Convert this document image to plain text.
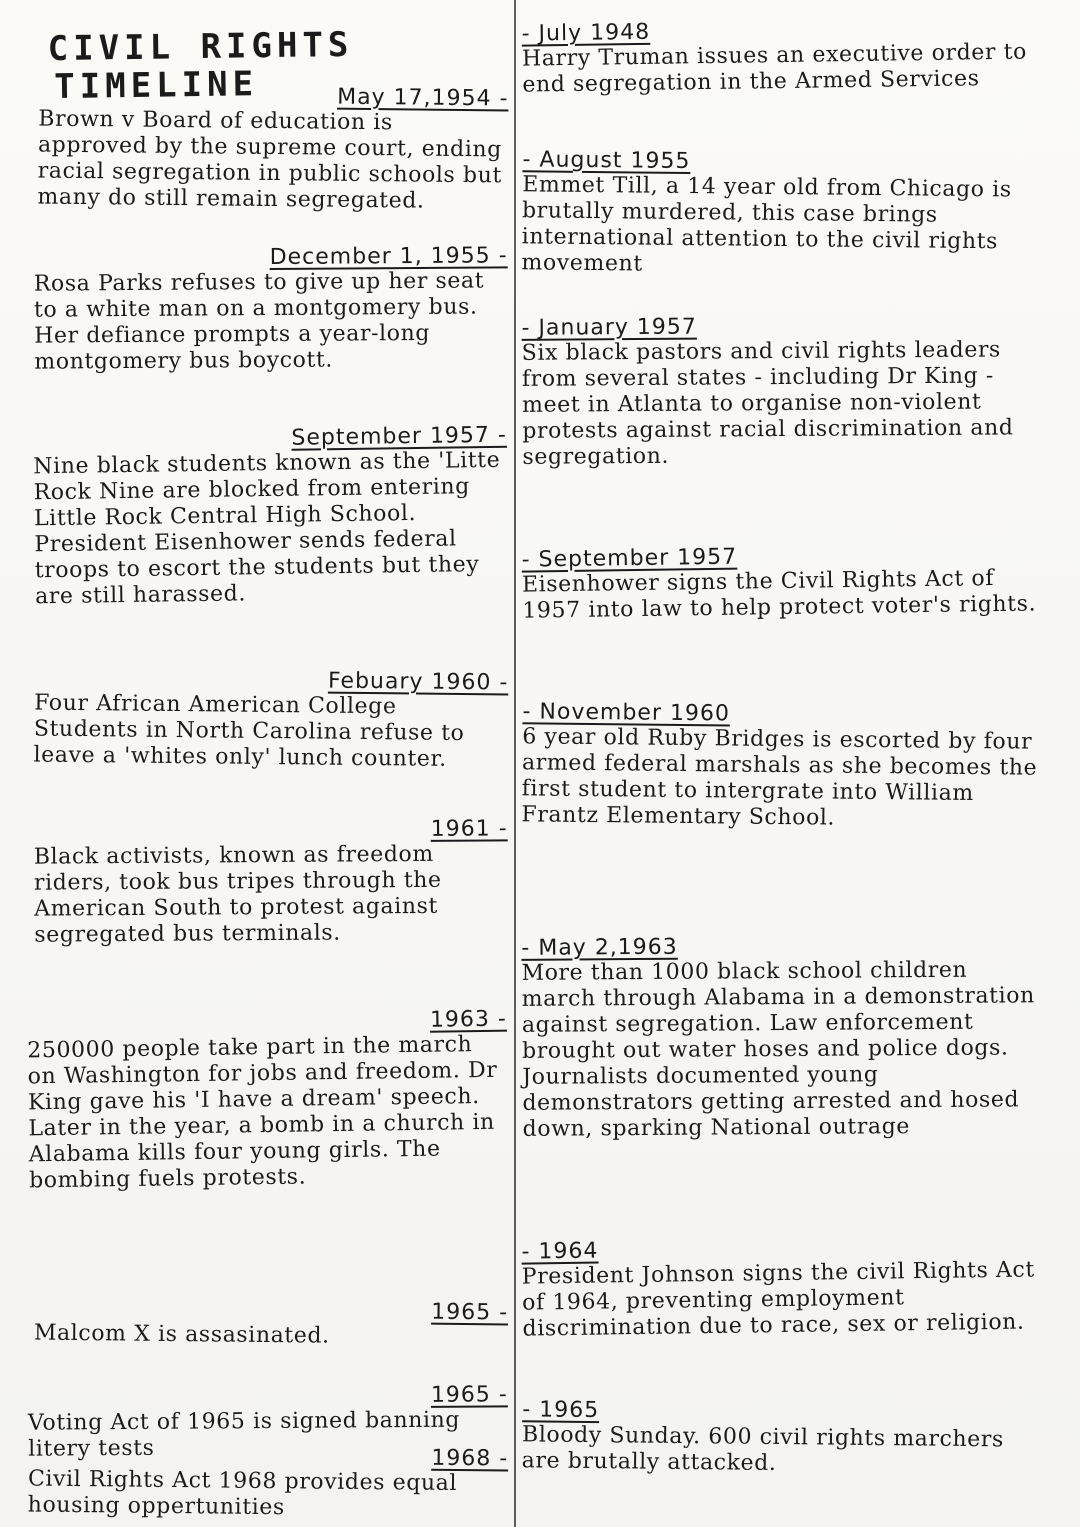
CIVIL RIGHTS
TIMELINE	May 17,1954 -
Brown v Board of education is approved by the supreme court, ending racial segregation in public schools but many do still remain segregated.
December 1, 1955 -
Rosa Parks refuses to give up her seat to a white man on a montgomery bus. Her defiance prompts a year-long montgomery bus boycott.
September 1957 -
Nine black students known as the 'Litte Rock Nine are blocked from entering Little Rock Central High School. President Eisenhower sends federal troops to escort the students but they are still harassed.
Febuary 1960 -
Four African American College Students in North Carolina refuse to leave a 'whites only' lunch counter.
1961 -
Black activists, known as freedom riders, took bus tripes through the American South to protest against segregated bus terminals.
1963 -
250000 people take part in the march on Washington for jobs and freedom. Dr King gave his 'I have a dream' speech. Later in the year, a bomb in a church in Alabama kills four young girls. The bombing fuels protests.
1965 -
Malcom X is assasinated.
1965 -
Voting Act of 1965 is signed banning litery tests	1968 -
Civil Rights Act 1968 provides equal housing oppertunities
- July 1948
Harry Truman issues an executive order to end segregation in the Armed Services
- August 1955
Emmet Till, a 14 year old from Chicago is brutally murdered, this case brings international attention to the civil rights movement
- January 1957
Six black pastors and civil rights leaders from several states - including Dr King - meet in Atlanta to organise non-violent protests against racial discrimination and segregation.
- September 1957
Eisenhower signs the Civil Rights Act of 1957 into law to help protect voter's rights.
- November 1960
6 year old Ruby Bridges is escorted by four armed federal marshals as she becomes the first student to intergrate into William Frantz Elementary School.
- May 2,1963
More than 1000 black school children march through Alabama in a demonstration against segregation. Law enforcement brought out water hoses and police dogs. Journalists documented young demonstrators getting arrested and hosed down, sparking National outrage
- 1964
President Johnson signs the civil Rights Act of 1964, preventing employment discrimination due to race, sex or religion.
- 1965
Bloody Sunday. 600 civil rights marchers are brutally attacked.
